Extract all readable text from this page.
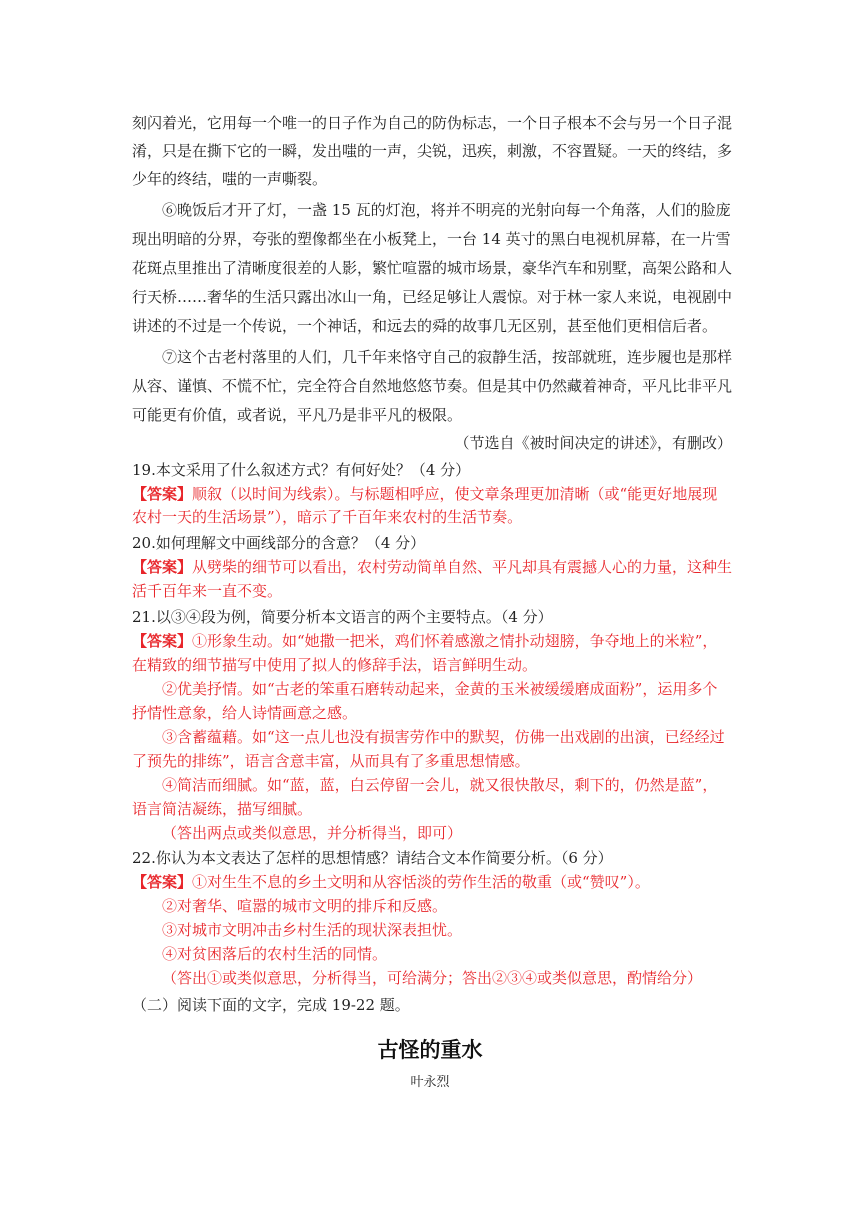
刻闪着光，它用每一个唯一的日子作为自己的防伪标志，一个日子根本不会与另一个日子混
淆，只是在撕下它的一瞬，发出嗤的一声，尖锐，迅疾，刺激，不容置疑。一天的终结，多
少年的终结，嗤的一声嘶裂。
⑥晚饭后才开了灯，一盏 15 瓦的灯泡，将并不明亮的光射向每一个角落，人们的脸庞
现出明暗的分界，夸张的塑像都坐在小板凳上，一台 14 英寸的黑白电视机屏幕，在一片雪
花斑点里推出了清晰度很差的人影，繁忙喧嚣的城市场景，豪华汽车和别墅，高架公路和人
行天桥……奢华的生活只露出冰山一角，已经足够让人震惊。对于林一家人来说，电视剧中
讲述的不过是一个传说，一个神话，和远去的舜的故事几无区别，甚至他们更相信后者。
⑦这个古老村落里的人们，几千年来恪守自己的寂静生活，按部就班，连步履也是那样
从容、谨慎、不慌不忙，完全符合自然地悠悠节奏。但是其中仍然藏着神奇，平凡比非平凡
可能更有价值，或者说，平凡乃是非平凡的极限。
（节选自《被时间决定的讲述》，有删改）
19.本文采用了什么叙述方式？有何好处？（4 分）
【答案】顺叙（以时间为线索）。与标题相呼应，使文章条理更加清晰（或“能更好地展现
农村一天的生活场景”），暗示了千百年来农村的生活节奏。
20.如何理解文中画线部分的含意？（4 分）
【答案】从劈柴的细节可以看出，农村劳动简单自然、平凡却具有震撼人心的力量，这种生
活千百年来一直不变。
21.以③④段为例，简要分析本文语言的两个主要特点。（4 分）
【答案】①形象生动。如“她撒一把米，鸡们怀着感激之情扑动翅膀，争夺地上的米粒”，
在精致的细节描写中使用了拟人的修辞手法，语言鲜明生动。
②优美抒情。如“古老的笨重石磨转动起来，金黄的玉米被缓缓磨成面粉”，运用多个
抒情性意象，给人诗情画意之感。
③含蓄蕴藉。如“这一点儿也没有损害劳作中的默契，仿佛一出戏剧的出演，已经经过
了预先的排练”，语言含意丰富，从而具有了多重思想情感。
④简洁而细腻。如“蓝，蓝，白云停留一会儿，就又很快散尽，剩下的，仍然是蓝”，
语言简洁凝练，描写细腻。
（答出两点或类似意思，并分析得当，即可）
22.你认为本文表达了怎样的思想情感？请结合文本作简要分析。（6 分）
【答案】①对生生不息的乡土文明和从容恬淡的劳作生活的敬重（或“赞叹”）。
②对奢华、喧嚣的城市文明的排斥和反感。
③对城市文明冲击乡村生活的现状深表担忧。
④对贫困落后的农村生活的同情。
（答出①或类似意思，分析得当，可给满分；答出②③④或类似意思，酌情给分）
（二）阅读下面的文字，完成 19-22 题。
古怪的重水
叶永烈
